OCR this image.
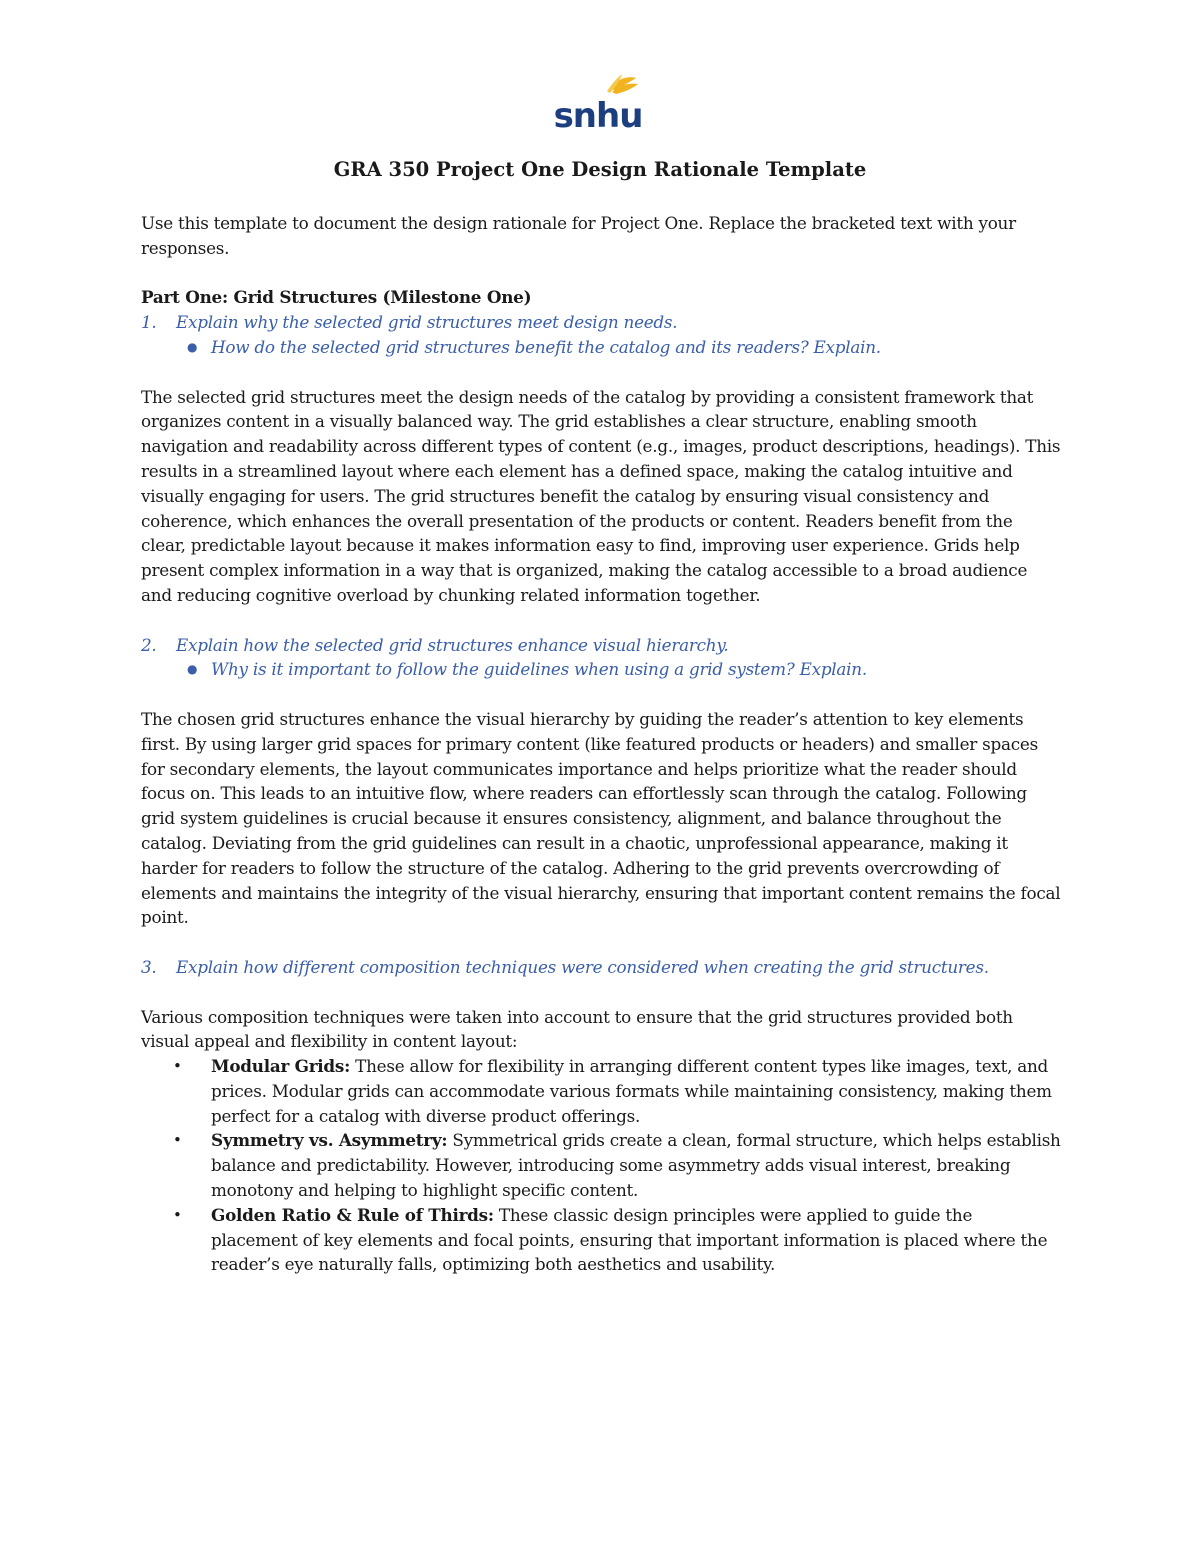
snhu
GRA 350 Project One Design Rationale Template

Use this template to document the design rationale for Project One. Replace the bracketed text with your responses.

Part One: Grid Structures (Milestone One)

1.	Explain why the selected grid structures meet design needs.
● How do the selected grid structures benefit the catalog and its readers? Explain.

The selected grid structures meet the design needs of the catalog by providing a consistent framework that organizes content in a visually balanced way. The grid establishes a clear structure, enabling smooth navigation and readability across different types of content (e.g., images, product descriptions, headings). This results in a streamlined layout where each element has a defined space, making the catalog intuitive and visually engaging for users. The grid structures benefit the catalog by ensuring visual consistency and coherence, which enhances the overall presentation of the products or content. Readers benefit from the clear, predictable layout because it makes information easy to find, improving user experience. Grids help present complex information in a way that is organized, making the catalog accessible to a broad audience and reducing cognitive overload by chunking related information together.

2.	Explain how the selected grid structures enhance visual hierarchy.
● Why is it important to follow the guidelines when using a grid system? Explain.

The chosen grid structures enhance the visual hierarchy by guiding the reader’s attention to key elements first. By using larger grid spaces for primary content (like featured products or headers) and smaller spaces for secondary elements, the layout communicates importance and helps prioritize what the reader should focus on. This leads to an intuitive flow, where readers can effortlessly scan through the catalog. Following grid system guidelines is crucial because it ensures consistency, alignment, and balance throughout the catalog. Deviating from the grid guidelines can result in a chaotic, unprofessional appearance, making it harder for readers to follow the structure of the catalog. Adhering to the grid prevents overcrowding of elements and maintains the integrity of the visual hierarchy, ensuring that important content remains the focal point.

3.	Explain how different composition techniques were considered when creating the grid structures.

Various composition techniques were taken into account to ensure that the grid structures provided both visual appeal and flexibility in content layout:

•	Modular Grids: These allow for flexibility in arranging different content types like images, text, and prices. Modular grids can accommodate various formats while maintaining consistency, making them perfect for a catalog with diverse product offerings.
•	Symmetry vs. Asymmetry: Symmetrical grids create a clean, formal structure, which helps establish balance and predictability. However, introducing some asymmetry adds visual interest, breaking monotony and helping to highlight specific content.
•	Golden Ratio & Rule of Thirds: These classic design principles were applied to guide the placement of key elements and focal points, ensuring that important information is placed where the reader’s eye naturally falls, optimizing both aesthetics and usability.
